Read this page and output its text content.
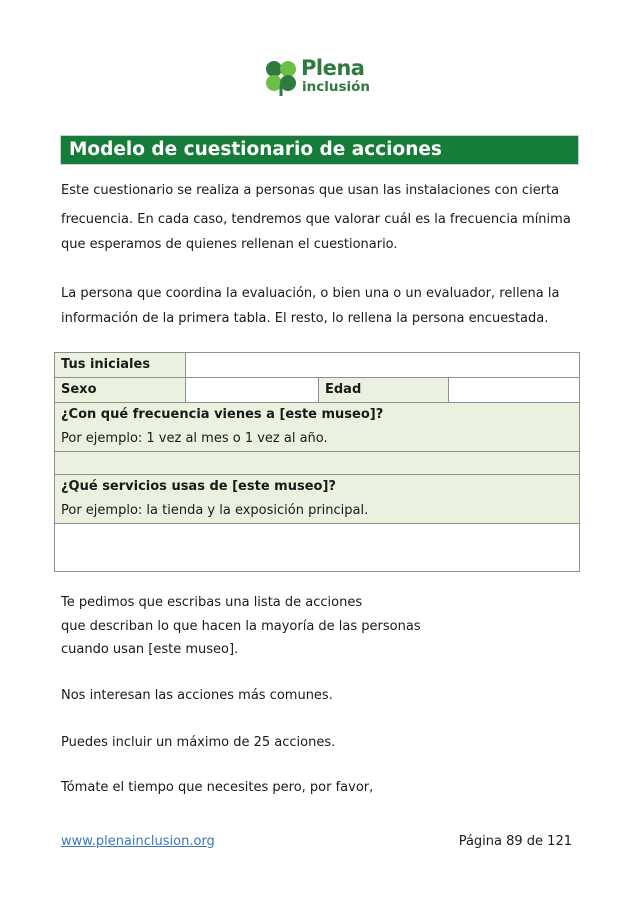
Plena
inclusión
Modelo de cuestionario de acciones
Este cuestionario se realiza a personas que usan las instalaciones con cierta
frecuencia. En cada caso, tendremos que valorar cuál es la frecuencia mínima
que esperamos de quienes rellenan el cuestionario.
La persona que coordina la evaluación, o bien una o un evaluador, rellena la
información de la primera tabla. El resto, lo rellena la persona encuestada.
Tus iniciales			
Sexo		Edad	
¿Con qué frecuencia vienes a [este museo]?
Por ejemplo: 1 vez al mes o 1 vez al año.			

¿Qué servicios usas de [este museo]?
Por ejemplo: la tienda y la exposición principal.			

Te pedimos que escribas una lista de acciones
que describan lo que hacen la mayoría de las personas
cuando usan [este museo].
Nos interesan las acciones más comunes.
Puedes incluir un máximo de 25 acciones.
Tómate el tiempo que necesites pero, por favor,
www.plenainclusion.org	Página 89 de 121
